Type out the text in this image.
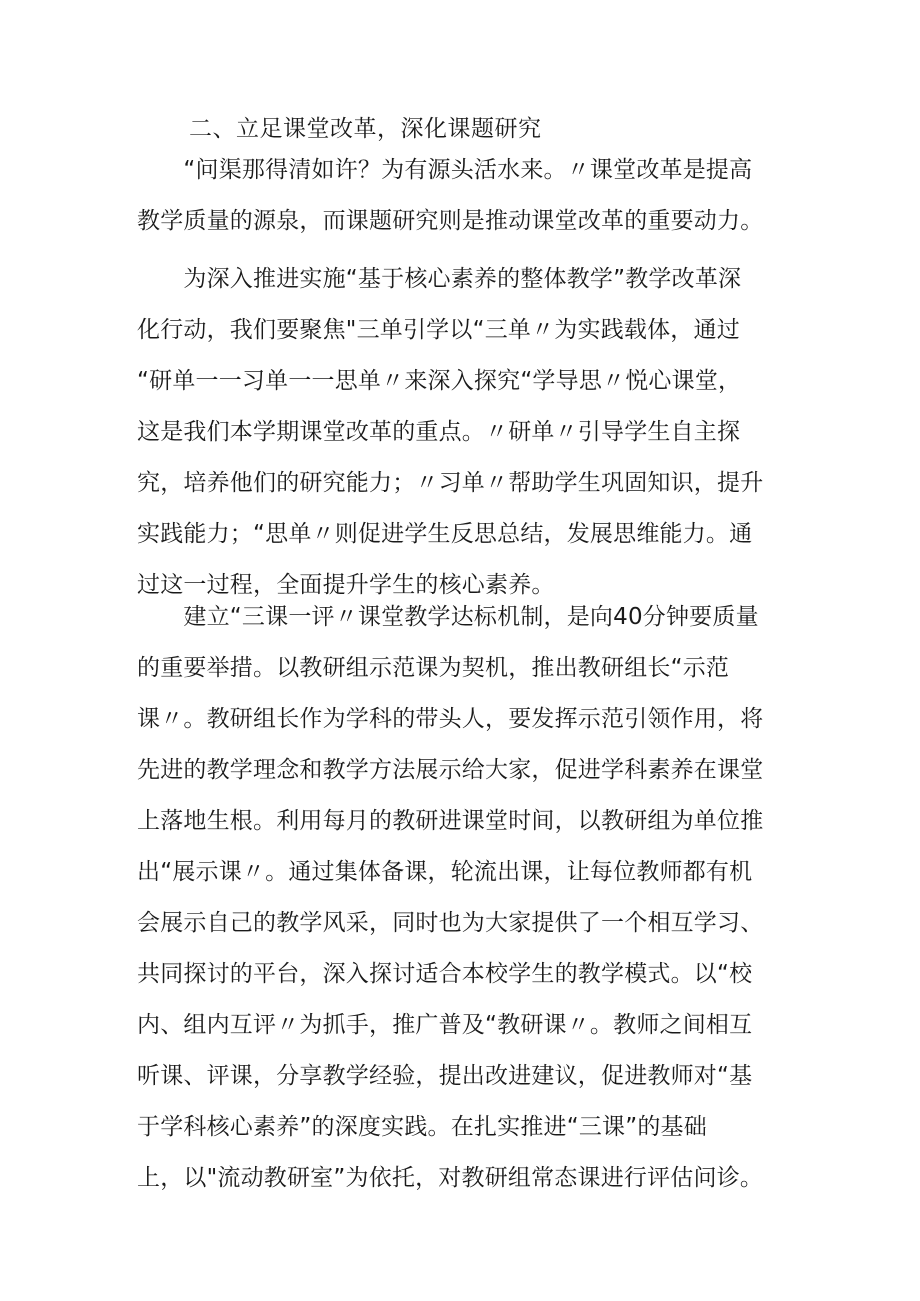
二、立足课堂改革，深化课题研究
　　“问渠那得清如许？为有源头活水来。〃课堂改革是提高
教学质量的源泉，而课题研究则是推动课堂改革的重要动力。
　　为深入推进实施“基于核心素养的整体教学”教学改革深
化行动，我们要聚焦"三单引学以“三单〃为实践载体，通过
“研单一一习单一一思单〃来深入探究“学导思〃悦心课堂，
这是我们本学期课堂改革的重点。〃研单〃引导学生自主探
究，培养他们的研究能力；〃习单〃帮助学生巩固知识，提升
实践能力；“思单〃则促进学生反思总结，发展思维能力。通
过这一过程，全面提升学生的核心素养。
　　建立“三课一评〃课堂教学达标机制，是向40分钟要质量
的重要举措。以教研组示范课为契机，推出教研组长“示范
课〃。教研组长作为学科的带头人，要发挥示范引领作用，将
先进的教学理念和教学方法展示给大家，促进学科素养在课堂
上落地生根。利用每月的教研进课堂时间，以教研组为单位推
出“展示课〃。通过集体备课，轮流出课，让每位教师都有机
会展示自己的教学风采，同时也为大家提供了一个相互学习、
共同探讨的平台，深入探讨适合本校学生的教学模式。以“校
内、组内互评〃为抓手，推广普及“教研课〃。教师之间相互
听课、评课，分享教学经验，提出改进建议，促进教师对“基
于学科核心素养”的深度实践。在扎实推进“三课”的基础
上，以"流动教研室”为依托，对教研组常态课进行评估问诊。
